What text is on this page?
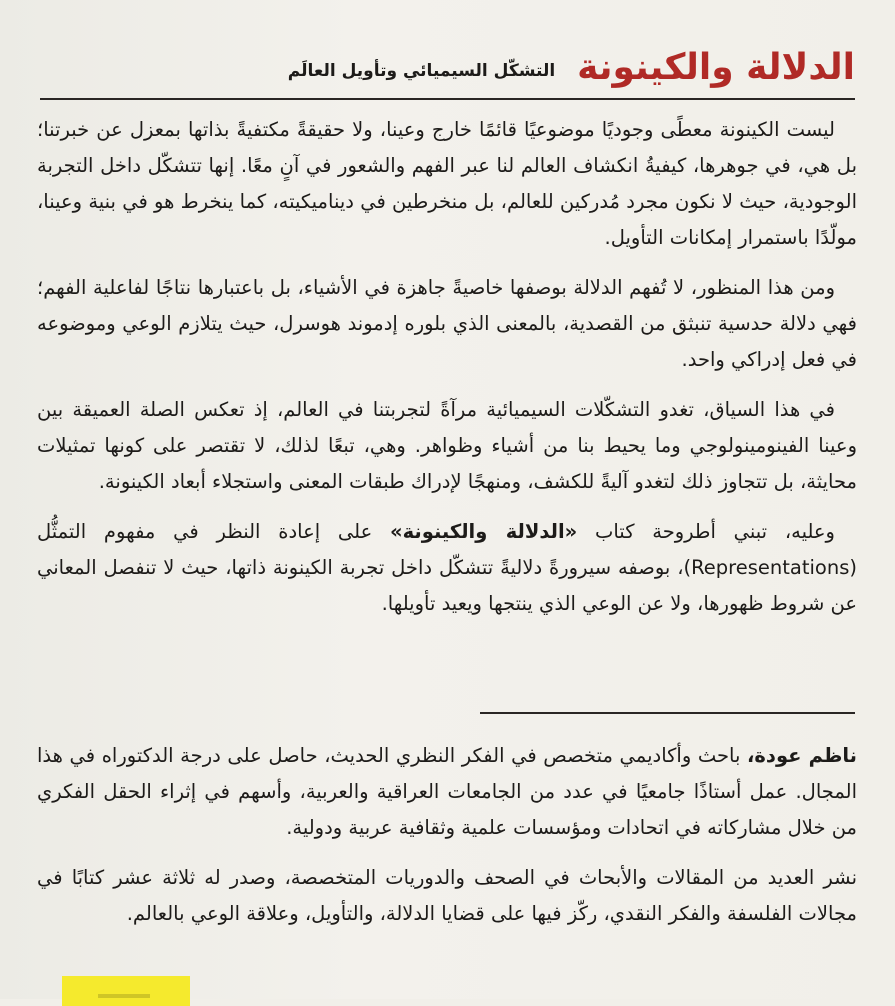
الدلالة والكينونة
التشكّل السيميائي وتأويل العالَم

ليست الكينونة معطًى وجوديًا موضوعيًا قائمًا خارج وعينا، ولا حقيقةً مكتفيةً بذاتها بمعزل عن خبرتنا؛ بل هي، في جوهرها، كيفيةُ انكشاف العالم لنا عبر الفهم والشعور في آنٍ معًا. إنها تتشكّل داخل التجربة الوجودية، حيث لا نكون مجرد مُدركين للعالم، بل منخرطين في ديناميكيته، كما ينخرط هو في بنية وعينا، مولّدًا باستمرار إمكانات التأويل.

ومن هذا المنظور، لا تُفهم الدلالة بوصفها خاصيةً جاهزة في الأشياء، بل باعتبارها نتاجًا لفاعلية الفهم؛ فهي دلالة حدسية تنبثق من القصدية، بالمعنى الذي بلوره إدموند هوسرل، حيث يتلازم الوعي وموضوعه في فعل إدراكي واحد.

في هذا السياق، تغدو التشكّلات السيميائية مرآةً لتجربتنا في العالم، إذ تعكس الصلة العميقة بين وعينا الفينومينولوجي وما يحيط بنا من أشياء وظواهر. وهي، تبعًا لذلك، لا تقتصر على كونها تمثيلات محايثة، بل تتجاوز ذلك لتغدو آليةً للكشف، ومنهجًا لإدراك طبقات المعنى واستجلاء أبعاد الكينونة.

وعليه، تبني أطروحة كتاب «الدلالة والكينونة» على إعادة النظر في مفهوم التمثُّل (Representations)، بوصفه سيرورةً دلاليةً تتشكّل داخل تجربة الكينونة ذاتها، حيث لا تنفصل المعاني عن شروط ظهورها، ولا عن الوعي الذي ينتجها ويعيد تأويلها.

ناظم عودة، باحث وأكاديمي متخصص في الفكر النظري الحديث، حاصل على درجة الدكتوراه في هذا المجال. عمل أستاذًا جامعيًا في عدد من الجامعات العراقية والعربية، وأسهم في إثراء الحقل الفكري من خلال مشاركاته في اتحادات ومؤسسات علمية وثقافية عربية ودولية.

نشر العديد من المقالات والأبحاث في الصحف والدوريات المتخصصة، وصدر له ثلاثة عشر كتابًا في مجالات الفلسفة والفكر النقدي، ركّز فيها على قضايا الدلالة، والتأويل، وعلاقة الوعي بالعالم.
